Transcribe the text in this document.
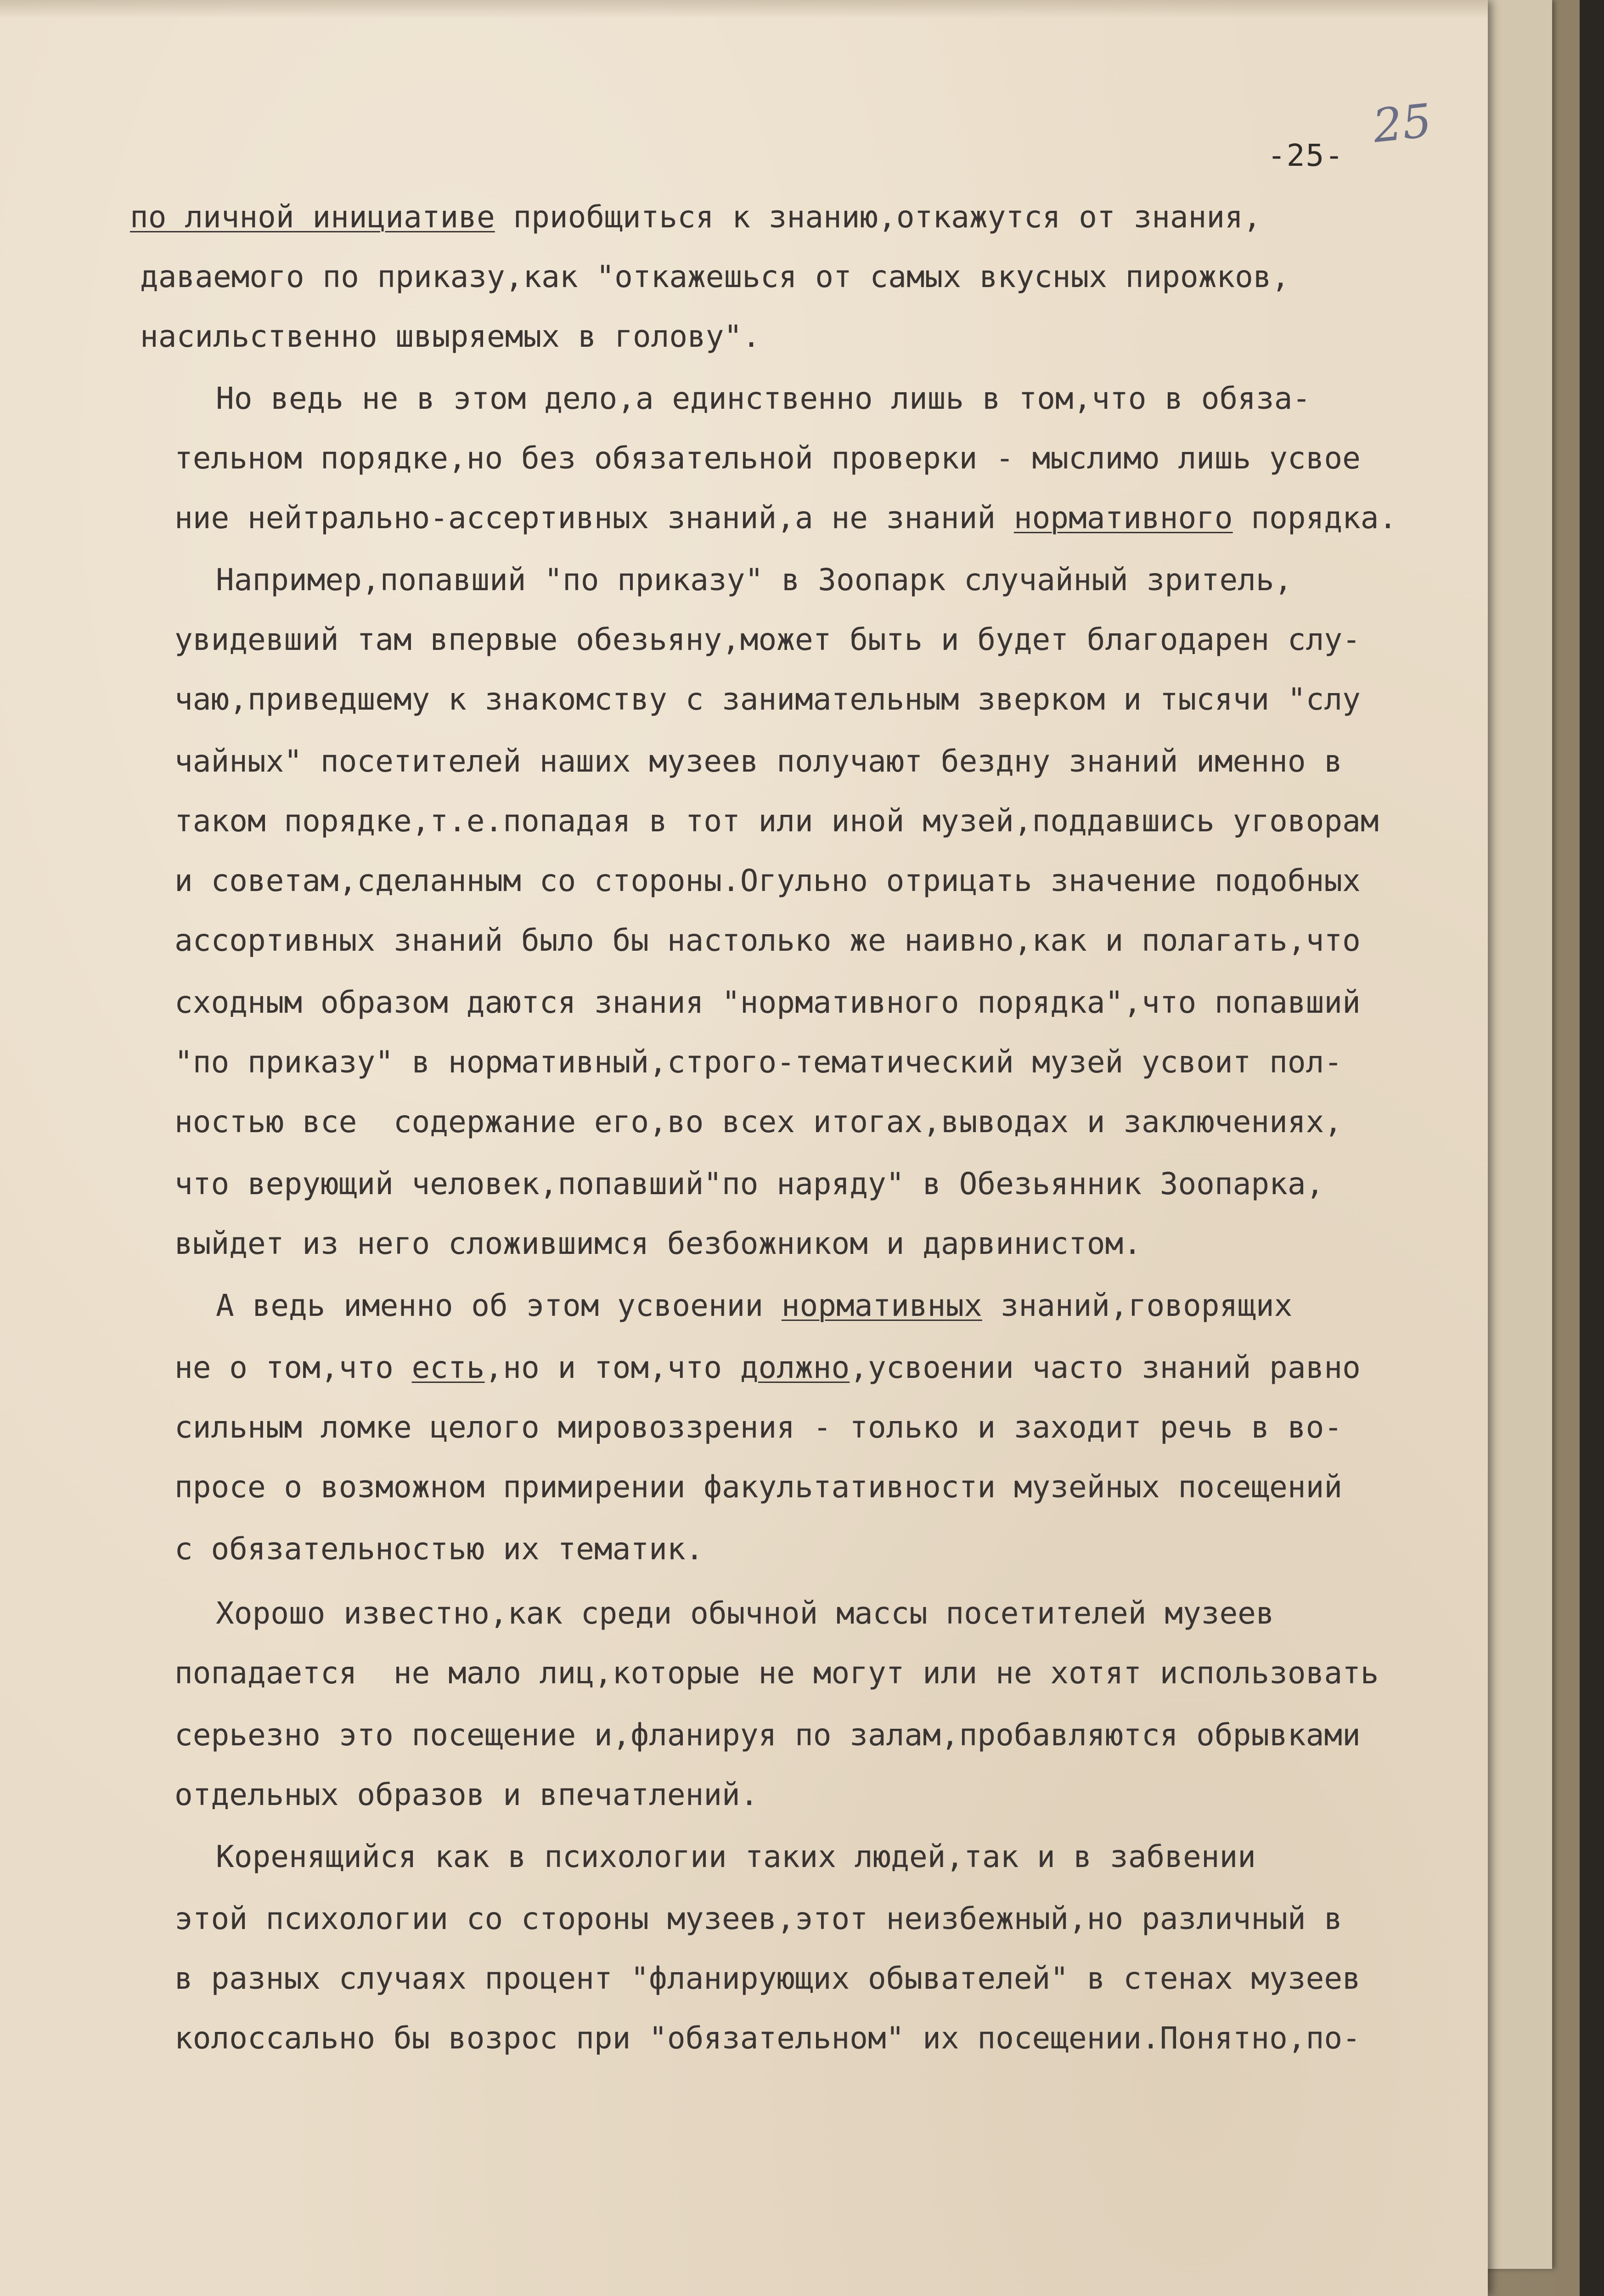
-25-
25
по личной инициативе приобщиться к знанию,откажутся от знания,
даваемого по приказу,как "откажешься от самых вкусных пирожков,
насильственно швыряемых в голову".
Но ведь не в этом дело,а единственно лишь в том,что в обяза-
тельном порядке,но без обязательной проверки - мыслимо лишь усвое
ние нейтрально-ассертивных знаний,а не знаний нормативного порядка.
Например,попавший "по приказу" в Зоопарк случайный зритель,
увидевший там впервые обезьяну,может быть и будет благодарен слу-
чаю,приведшему к знакомству с занимательным зверком и тысячи "слу
чайных" посетителей наших музеев получают бездну знаний именно в
таком порядке,т.е.попадая в тот или иной музей,поддавшись уговорам
и советам,сделанным со стороны.Огульно отрицать значение подобных
ассортивных знаний было бы настолько же наивно,как и полагать,что
сходным образом даются знания "нормативного порядка",что попавший
"по приказу" в нормативный,строго-тематический музей усвоит пол-
ностью все  содержание его,во всех итогах,выводах и заключениях,
что верующий человек,попавший"по наряду" в Обезьянник Зоопарка,
выйдет из него сложившимся безбожником и дарвинистом.
А ведь именно об этом усвоении нормативных знаний,говорящих
не о том,что есть,но и том,что должно,усвоении часто знаний равно
сильным ломке целого мировоззрения - только и заходит речь в во-
просе о возможном примирении факультативности музейных посещений
с обязательностью их тематик.
Хорошо известно,как среди обычной массы посетителей музеев
попадается  не мало лиц,которые не могут или не хотят использовать
серьезно это посещение и,фланируя по залам,пробавляются обрывками
отдельных образов и впечатлений.
Коренящийся как в психологии таких людей,так и в забвении
этой психологии со стороны музеев,этот неизбежный,но различный в
в разных случаях процент "фланирующих обывателей" в стенах музеев
колоссально бы возрос при "обязательном" их посещении.Понятно,по-
